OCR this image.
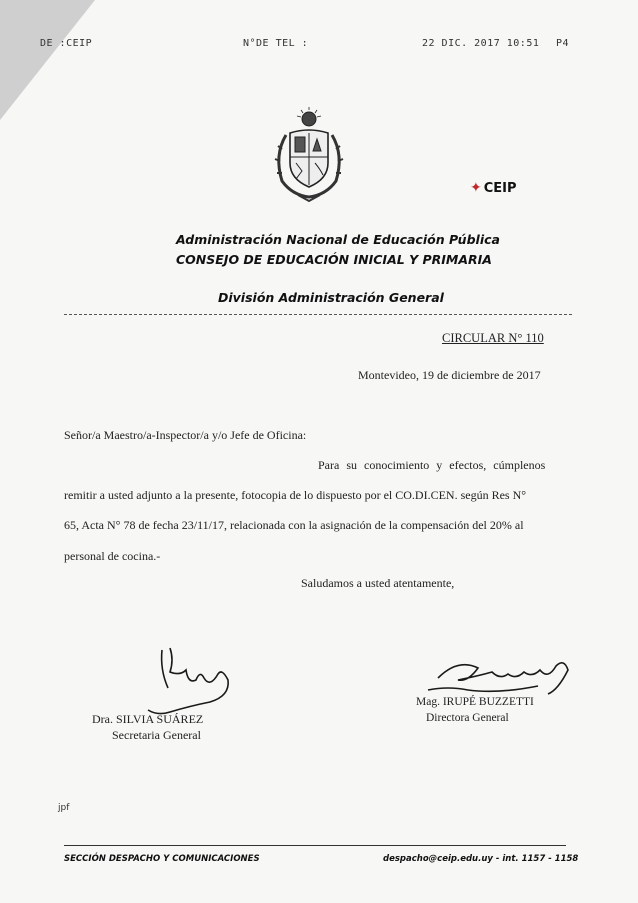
DE :CEIP	N°DE TEL :	22 DIC. 2017 10:51 P4
✦ CEIP
Administración Nacional de Educación Pública
CONSEJO DE EDUCACIÓN INICIAL Y PRIMARIA
División Administración General
CIRCULAR N° 110
Montevideo, 19 de diciembre de 2017
Señor/a Maestro/a-Inspector/a y/o Jefe de Oficina:
Para su conocimiento y efectos, cúmplenos
remitir a usted adjunto a la presente, fotocopia de lo dispuesto por el CO.DI.CEN. según Res N°
65, Acta N° 78 de fecha 23/11/17, relacionada con la asignación de la compensación del 20% al
personal de cocina.-
Saludamos a usted atentamente,
Dra. SILVIA SUÁREZ
Secretaria General
Mag. IRUPÉ BUZZETTI
Directora General
jpf
SECCIÓN DESPACHO Y COMUNICACIONES	despacho@ceip.edu.uy - int. 1157 - 1158
